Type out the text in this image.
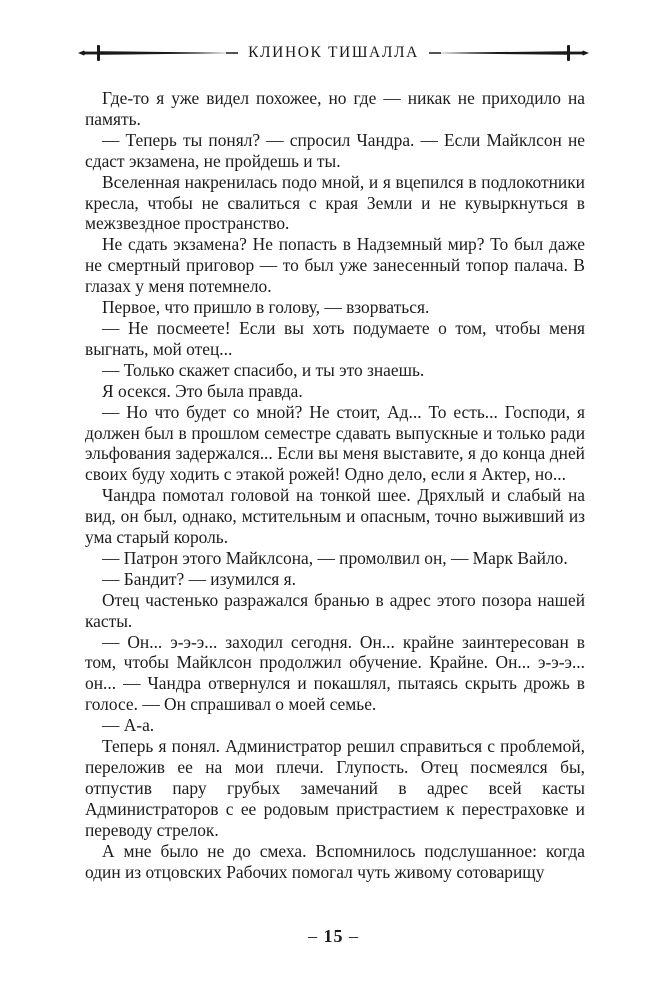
КЛИНОК ТИШАЛЛА

Где-то я уже видел похожее, но где — никак не приходило на память.

— Теперь ты понял? — спросил Чандра. — Если Майклсон не сдаст экзамена, не пройдешь и ты.

Вселенная накренилась подо мной, и я вцепился в подлокотники кресла, чтобы не свалиться с края Земли и не кувыркнуться в межзвездное пространство.

Не сдать экзамена? Не попасть в Надземный мир? То был даже не смертный приговор — то был уже занесенный топор палача. В глазах у меня потемнело.

Первое, что пришло в голову, — взорваться.

— Не посмеете! Если вы хоть подумаете о том, чтобы меня выгнать, мой отец...

— Только скажет спасибо, и ты это знаешь.

Я осекся. Это была правда.

— Но что будет со мной? Не стоит, Ад... То есть... Господи, я должен был в прошлом семестре сдавать выпускные и только ради эльфования задержался... Если вы меня выставите, я до конца дней своих буду ходить с этакой рожей! Одно дело, если я Актер, но...

Чандра помотал головой на тонкой шее. Дряхлый и слабый на вид, он был, однако, мстительным и опасным, точно выживший из ума старый король.

— Патрон этого Майклсона, — промолвил он, — Марк Вайло.

— Бандит? — изумился я.

Отец частенько разражался бранью в адрес этого позора нашей касты.

— Он... э-э-э... заходил сегодня. Он... крайне заинтересован в том, чтобы Майклсон продолжил обучение. Крайне. Он... э-э-э... он... — Чандра отвернулся и покашлял, пытаясь скрыть дрожь в голосе. — Он спрашивал о моей семье.

— А-а.

Теперь я понял. Администратор решил справиться с проблемой, переложив ее на мои плечи. Глупость. Отец посмеялся бы, отпустив пару грубых замечаний в адрес всей касты Администраторов с ее родовым пристрастием к перестраховке и переводу стрелок.

А мне было не до смеха. Вспомнилось подслушанное: когда один из отцовских Рабочих помогал чуть живому сотоварищу

– 15 –
